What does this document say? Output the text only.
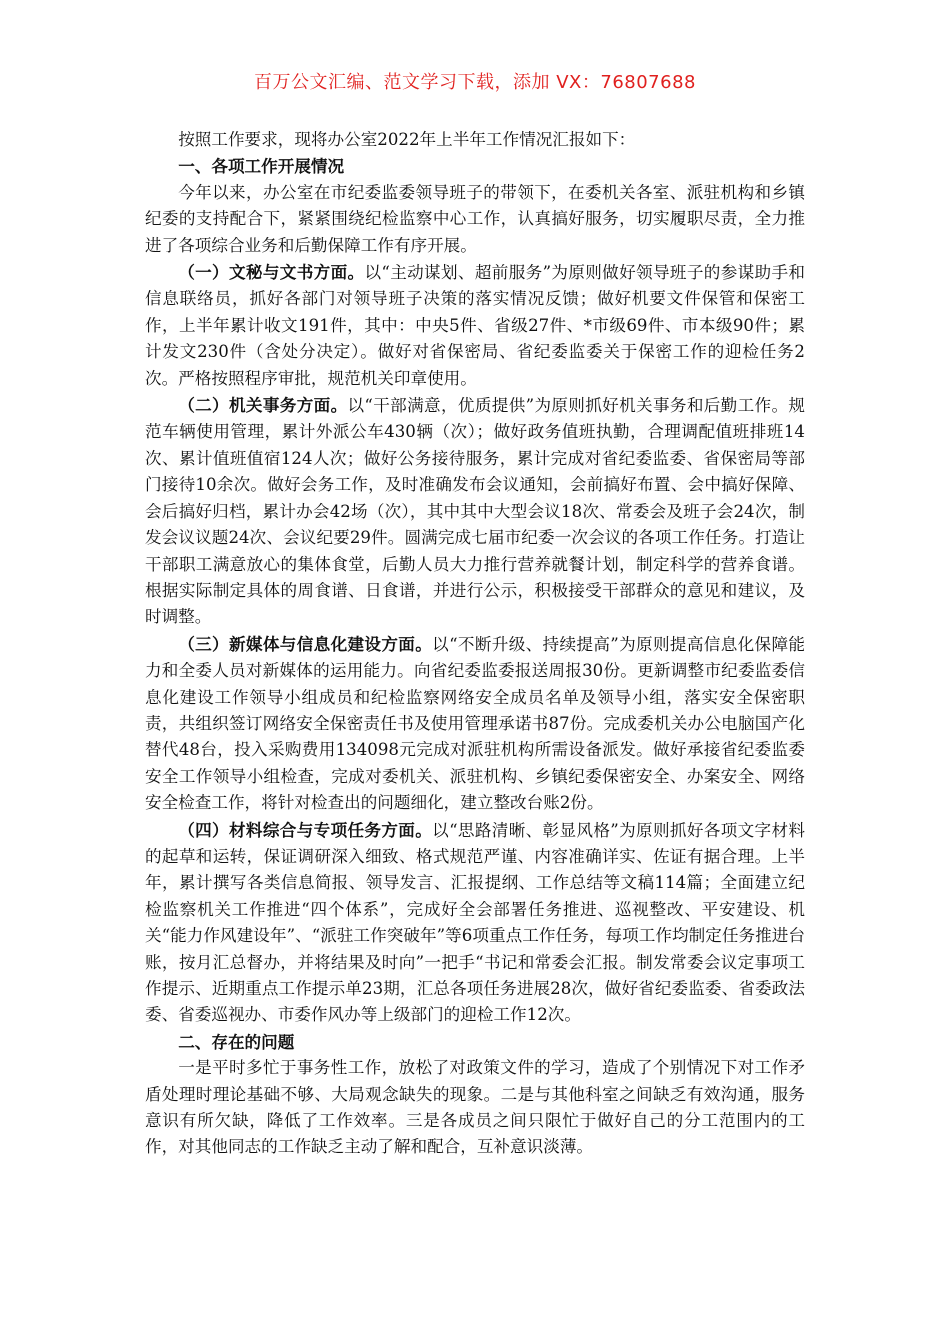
百万公文汇编、范文学习下载，添加 VX：76807688

按照工作要求，现将办公室2022年上半年工作情况汇报如下：

一、各项工作开展情况

今年以来，办公室在市纪委监委领导班子的带领下，在委机关各室、派驻机构和乡镇纪委的支持配合下，紧紧围绕纪检监察中心工作，认真搞好服务，切实履职尽责，全力推进了各项综合业务和后勤保障工作有序开展。

（一）文秘与文书方面。以“主动谋划、超前服务”为原则做好领导班子的参谋助手和信息联络员，抓好各部门对领导班子决策的落实情况反馈；做好机要文件保管和保密工作，上半年累计收文191件，其中：中央5件、省级27件、*市级69件、市本级90件；累计发文230件（含处分决定）。做好对省保密局、省纪委监委关于保密工作的迎检任务2次。严格按照程序审批，规范机关印章使用。

（二）机关事务方面。以“干部满意，优质提供”为原则抓好机关事务和后勤工作。规范车辆使用管理，累计外派公车430辆（次）；做好政务值班执勤，合理调配值班排班14次、累计值班值宿124人次；做好公务接待服务，累计完成对省纪委监委、省保密局等部门接待10余次。做好会务工作，及时准确发布会议通知，会前搞好布置、会中搞好保障、会后搞好归档，累计办会42场（次），其中其中大型会议18次、常委会及班子会24次，制发会议议题24次、会议纪要29件。圆满完成七届市纪委一次会议的各项工作任务。打造让干部职工满意放心的集体食堂，后勤人员大力推行营养就餐计划，制定科学的营养食谱。根据实际制定具体的周食谱、日食谱，并进行公示，积极接受干部群众的意见和建议，及时调整。

（三）新媒体与信息化建设方面。以“不断升级、持续提高”为原则提高信息化保障能力和全委人员对新媒体的运用能力。向省纪委监委报送周报30份。更新调整市纪委监委信息化建设工作领导小组成员和纪检监察网络安全成员名单及领导小组，落实安全保密职责，共组织签订网络安全保密责任书及使用管理承诺书87份。完成委机关办公电脑国产化替代48台，投入采购费用134098元完成对派驻机构所需设备派发。做好承接省纪委监委安全工作领导小组检查，完成对委机关、派驻机构、乡镇纪委保密安全、办案安全、网络安全检查工作，将针对检查出的问题细化，建立整改台账2份。

（四）材料综合与专项任务方面。以“思路清晰、彰显风格”为原则抓好各项文字材料的起草和运转，保证调研深入细致、格式规范严谨、内容准确详实、佐证有据合理。上半年，累计撰写各类信息简报、领导发言、汇报提纲、工作总结等文稿114篇；全面建立纪检监察机关工作推进“四个体系”，完成好全会部署任务推进、巡视整改、平安建设、机关“能力作风建设年”、“派驻工作突破年”等6项重点工作任务，每项工作均制定任务推进台账，按月汇总督办，并将结果及时向”一把手“书记和常委会汇报。制发常委会议定事项工作提示、近期重点工作提示单23期，汇总各项任务进展28次，做好省纪委监委、省委政法委、省委巡视办、市委作风办等上级部门的迎检工作12次。

二、存在的问题

一是平时多忙于事务性工作，放松了对政策文件的学习，造成了个别情况下对工作矛盾处理时理论基础不够、大局观念缺失的现象。二是与其他科室之间缺乏有效沟通，服务意识有所欠缺，降低了工作效率。三是各成员之间只限忙于做好自己的分工范围内的工作，对其他同志的工作缺乏主动了解和配合，互补意识淡薄。
